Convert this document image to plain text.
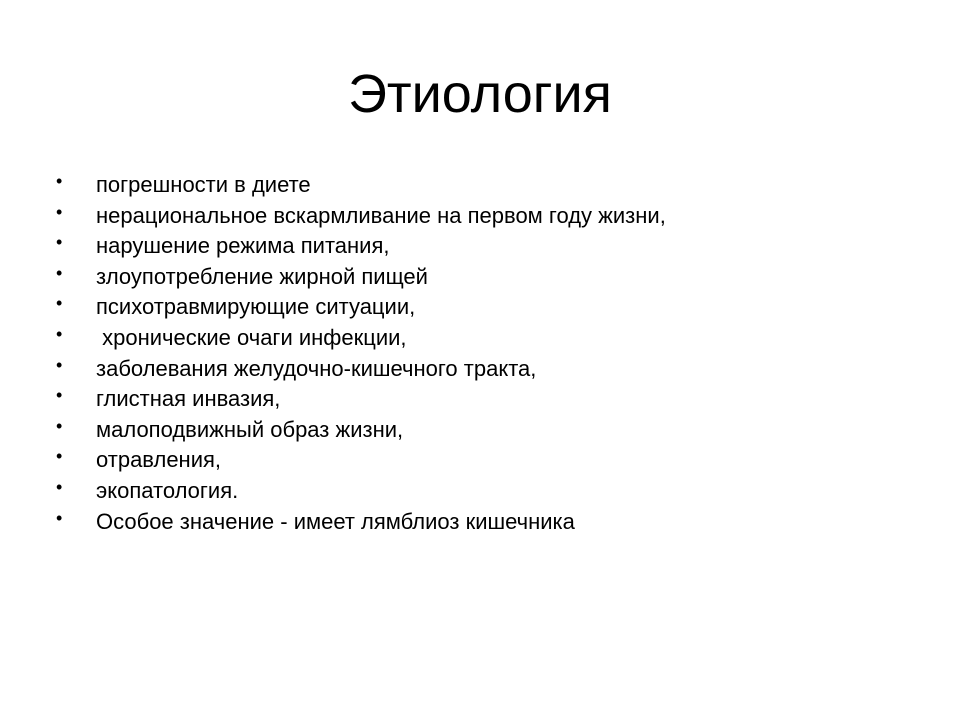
Этиология
•	погрешности в диете
•	нерациональное вскармливание на первом году жизни,
•	нарушение режима питания,
•	злоупотребление жирной пищей
•	психотравмирующие ситуации,
•	хронические очаги инфекции,
•	заболевания желудочно-кишечного тракта,
•	глистная инвазия,
•	малоподвижный образ жизни,
•	отравления,
•	экопатология.
•	Особое значение - имеет лямблиоз кишечника
